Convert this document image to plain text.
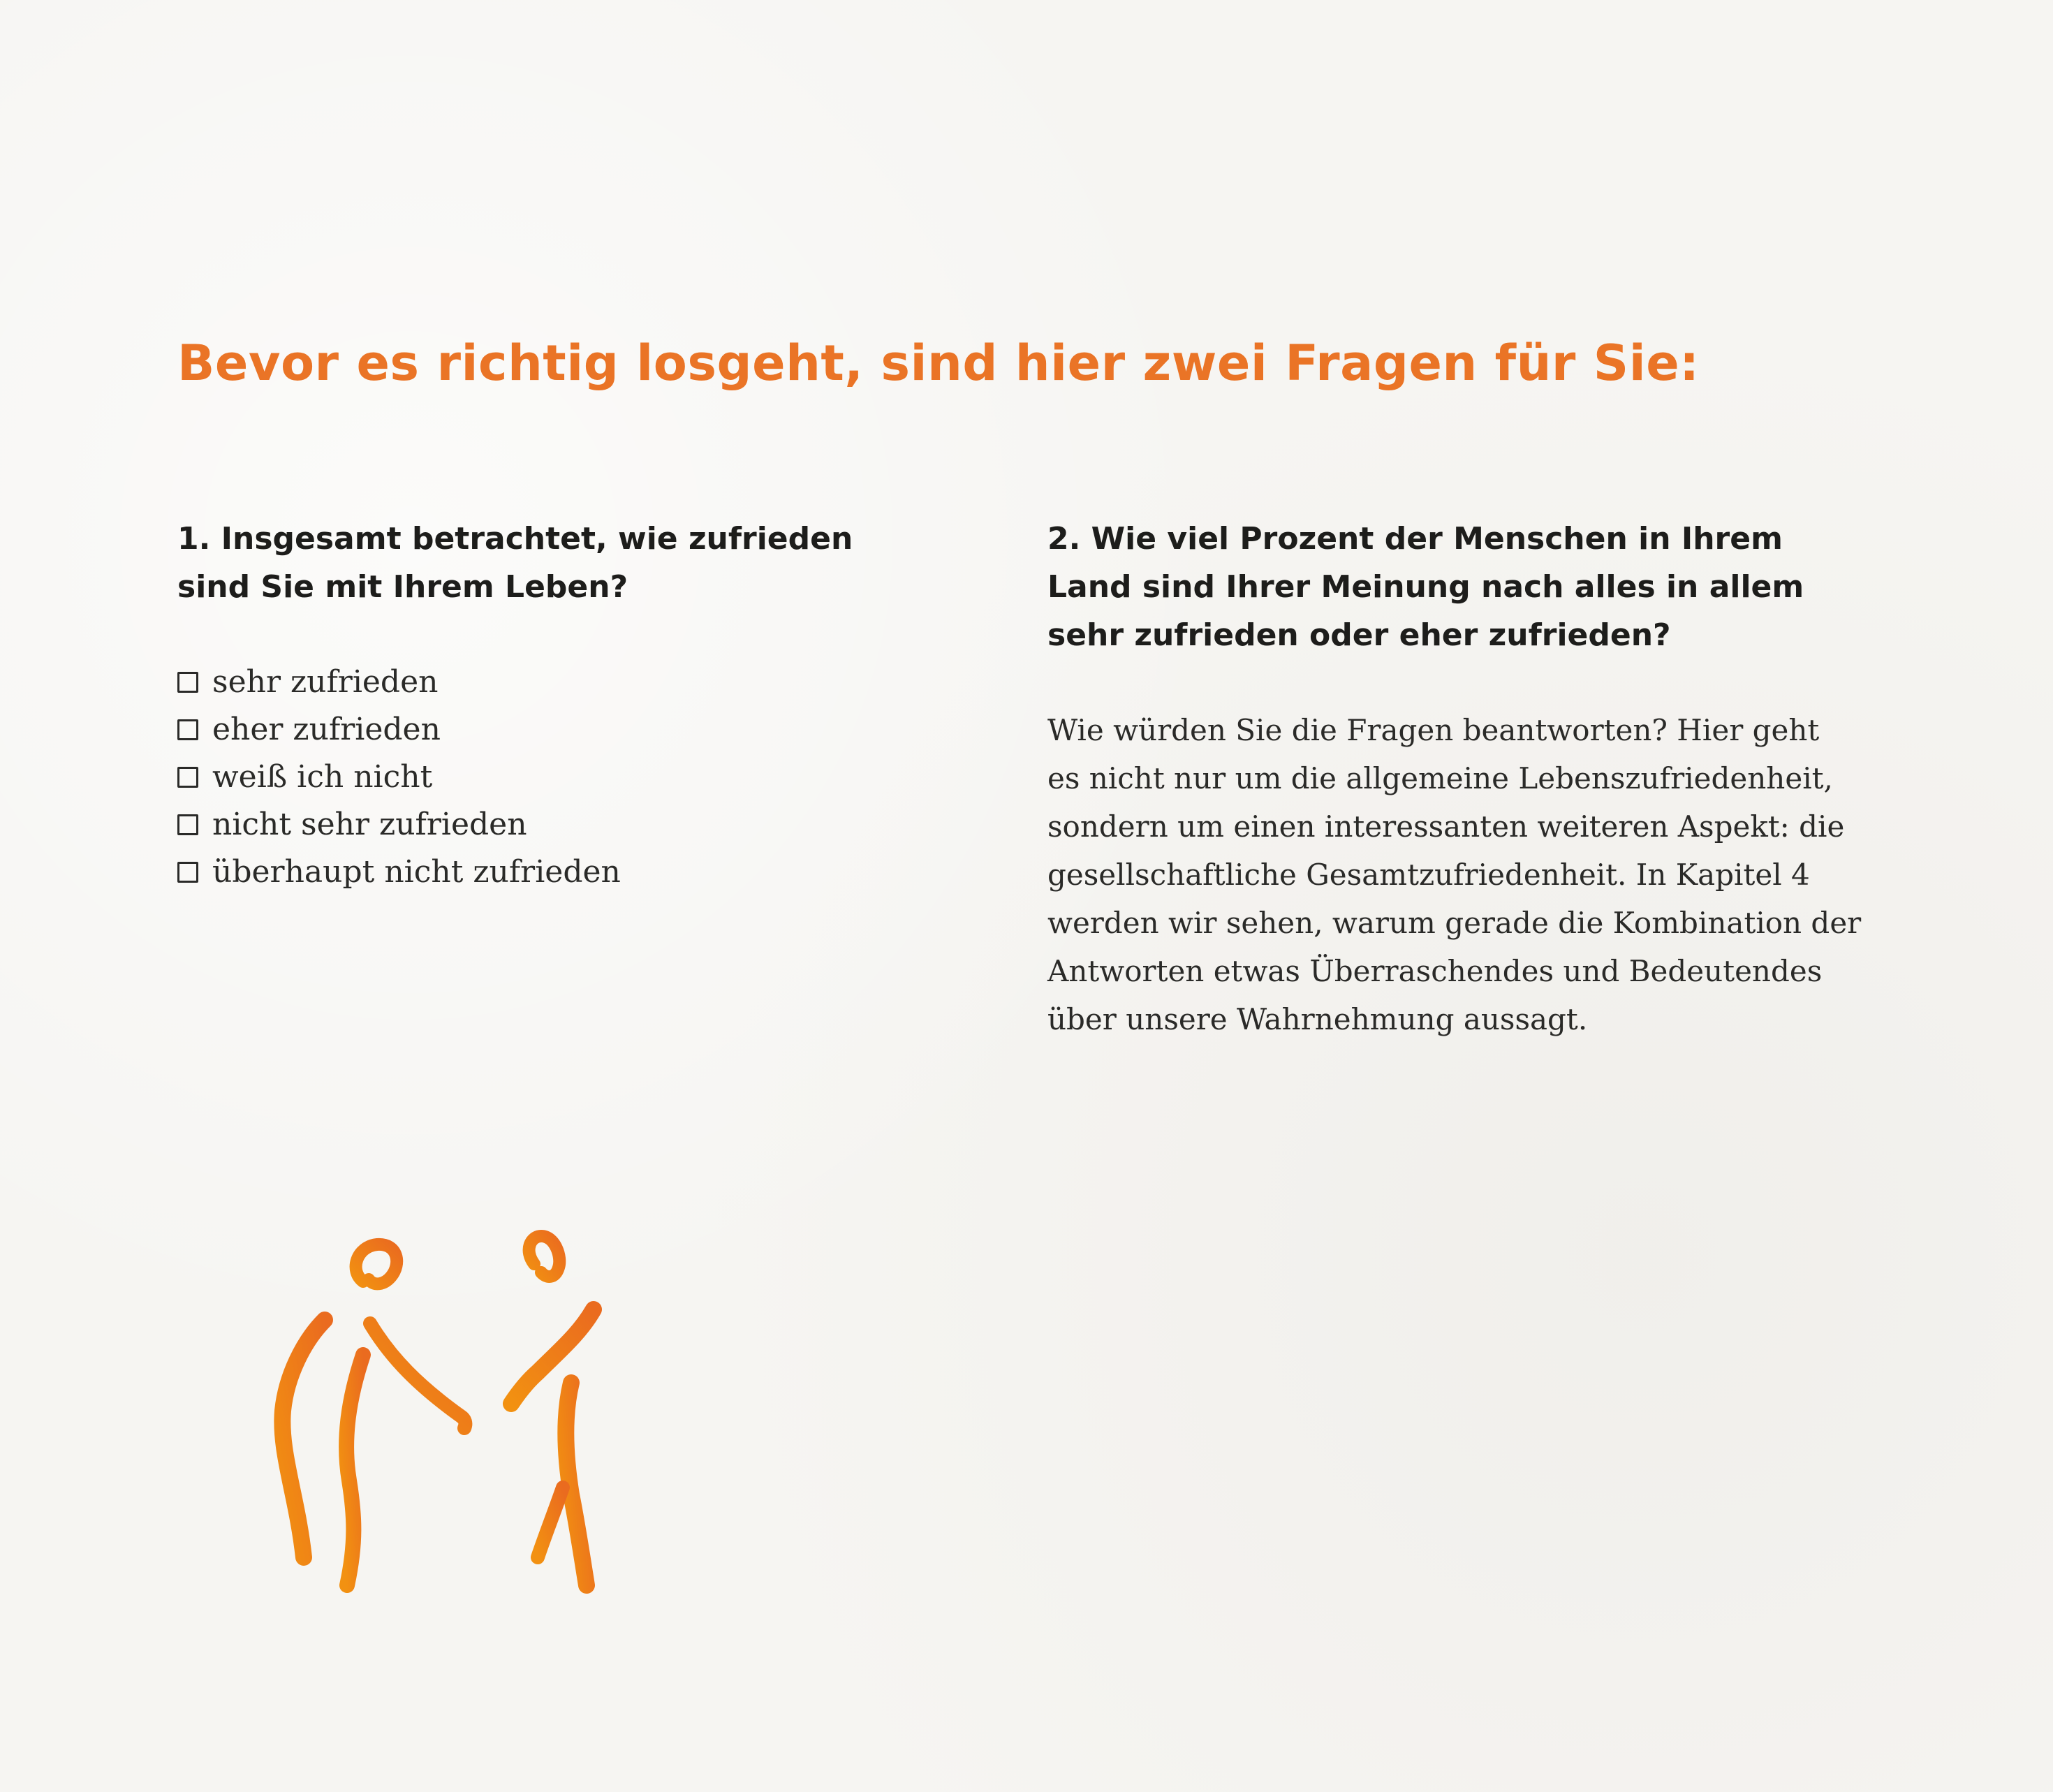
Bevor es richtig losgeht, sind hier zwei Fragen für Sie:
1. Insgesamt betrachtet, wie zufrieden
sind Sie mit Ihrem Leben?
sehr zufrieden
eher zufrieden
weiß ich nicht
nicht sehr zufrieden
überhaupt nicht zufrieden
2. Wie viel Prozent der Menschen in Ihrem
Land sind Ihrer Meinung nach alles in allem
sehr zufrieden oder eher zufrieden?

Wie würden Sie die Fragen beantworten? Hier geht
es nicht nur um die allgemeine Lebenszufriedenheit,
sondern um einen interessanten weiteren Aspekt: die
gesellschaftliche Gesamtzufriedenheit. In Kapitel 4
werden wir sehen, warum gerade die Kombination der
Antworten etwas Überraschendes und Bedeutendes
über unsere Wahrnehmung aussagt.
